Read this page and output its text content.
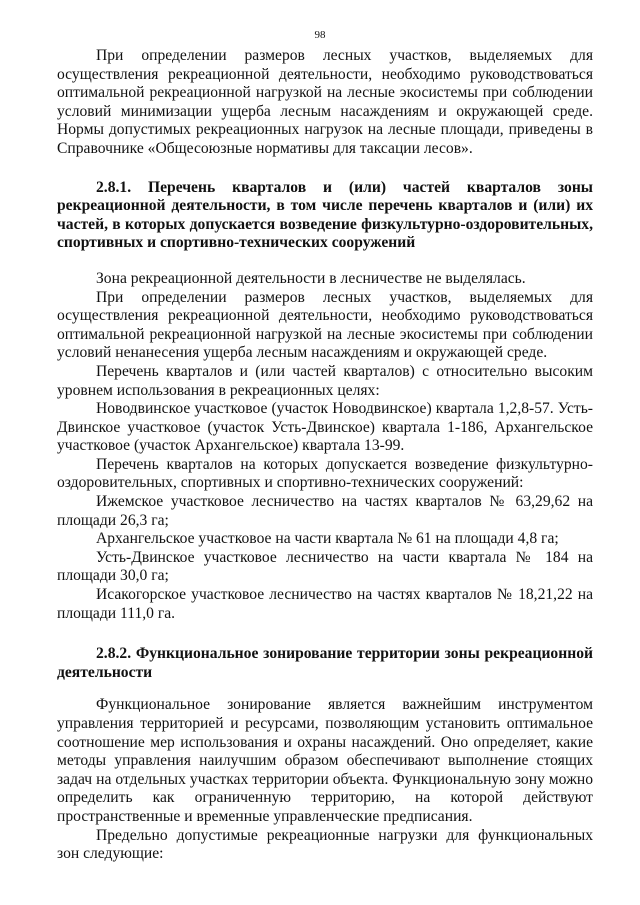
98

При определении размеров лесных участков, выделяемых для осуществления рекреационной деятельности, необходимо руководствоваться оптимальной рекреационной нагрузкой на лесные экосистемы при соблюдении условий минимизации ущерба лесным насаждениям и окружающей среде. Нормы допустимых рекреационных нагрузок на лесные площади, приведены в Справочнике «Общесоюзные нормативы для таксации лесов».

2.8.1. Перечень кварталов и (или) частей кварталов зоны рекреационной деятельности, в том числе перечень кварталов и (или) их частей, в которых допускается возведение физкультурно-оздоровительных, спортивных и спортивно-технических сооружений

Зона рекреационной деятельности в лесничестве не выделялась.

При определении размеров лесных участков, выделяемых для осуществления рекреационной деятельности, необходимо руководствоваться оптимальной рекреационной нагрузкой на лесные экосистемы при соблюдении условий ненанесения ущерба лесным насаждениям и окружающей среде.

Перечень кварталов и (или частей кварталов) с относительно высоким уровнем использования в рекреационных целях:

Новодвинское участковое (участок Новодвинское) квартала 1,2,8-57. Усть-Двинское участковое (участок Усть-Двинское) квартала 1-186, Архангельское участковое (участок Архангельское) квартала 13-99.

Перечень кварталов на которых допускается возведение физкультурно-оздоровительных, спортивных и спортивно-технических сооружений:

Ижемское участковое лесничество на частях кварталов № 63,29,62 на площади 26,3 га;

Архангельское участковое на части квартала № 61 на площади 4,8 га;

Усть-Двинское участковое лесничество на части квартала № 184 на площади 30,0 га;

Исакогорское участковое лесничество на частях кварталов № 18,21,22 на площади 111,0 га.

2.8.2. Функциональное зонирование территории зоны рекреационной деятельности

Функциональное зонирование является важнейшим инструментом управления территорией и ресурсами, позволяющим установить оптимальное соотношение мер использования и охраны насаждений. Оно определяет, какие методы управления наилучшим образом обеспечивают выполнение стоящих задач на отдельных участках территории объекта. Функциональную зону можно определить как ограниченную территорию, на которой действуют пространственные и временные управленческие предписания.

Предельно допустимые рекреационные нагрузки для функциональных зон следующие:
